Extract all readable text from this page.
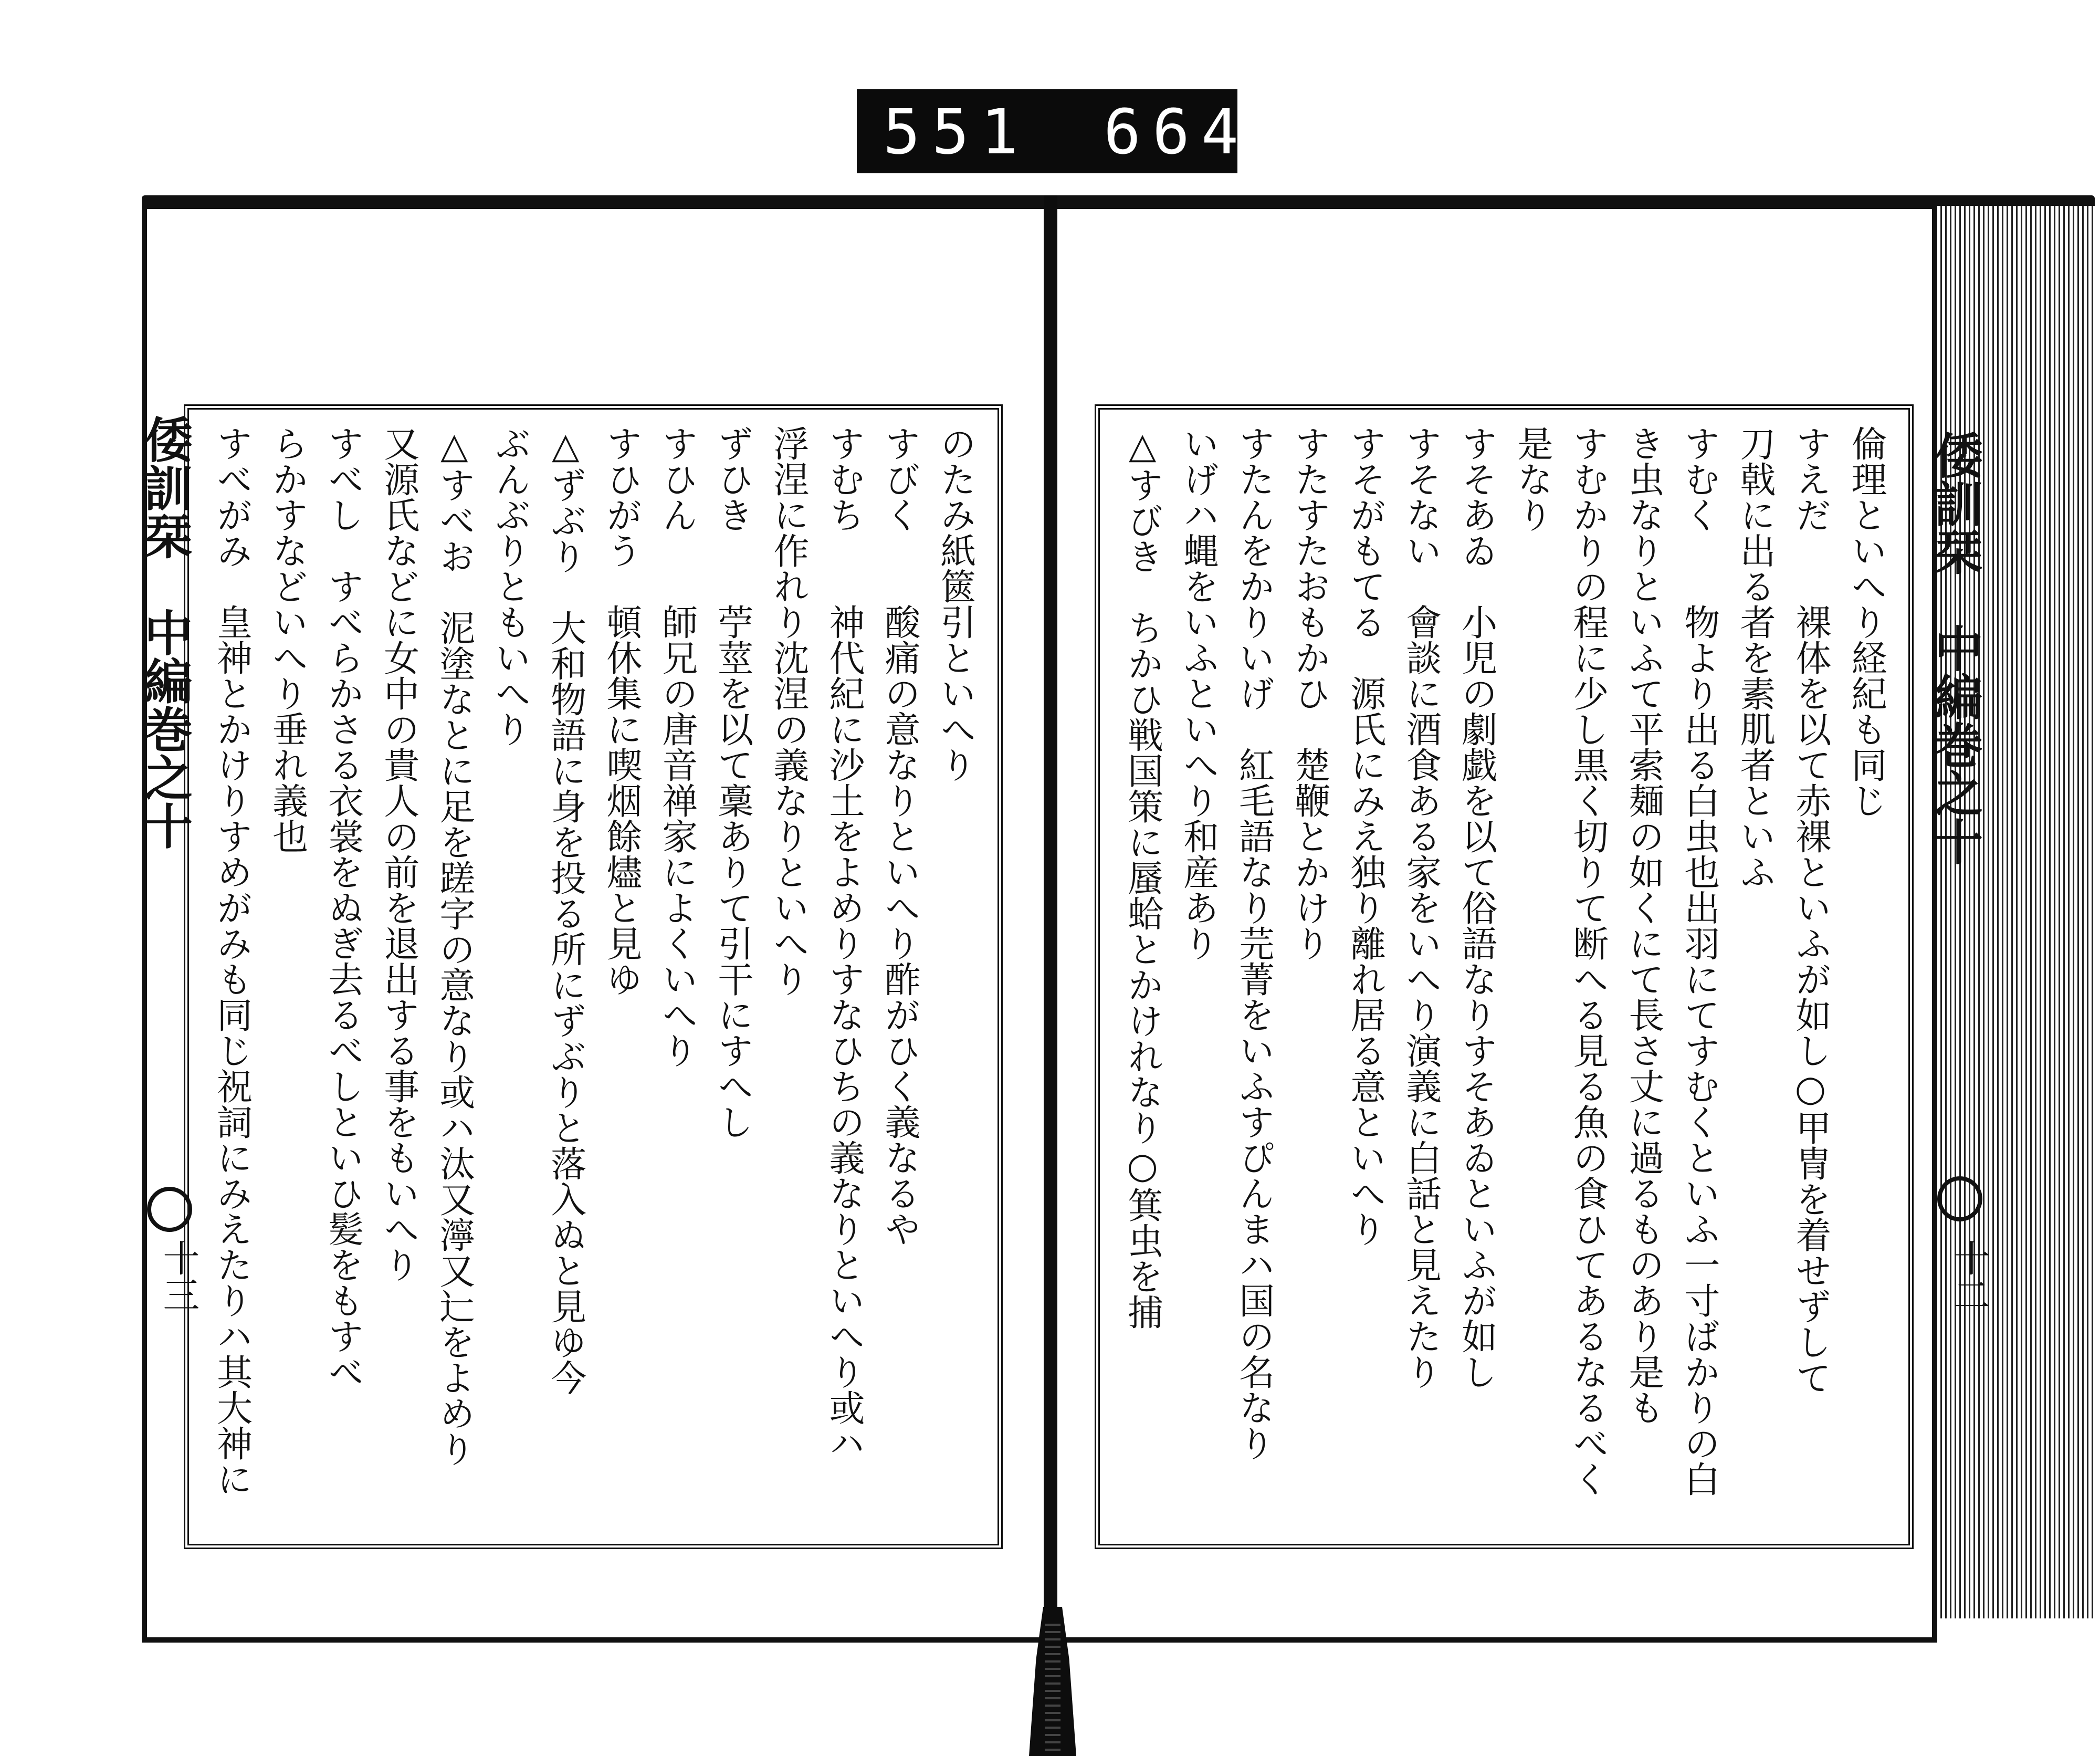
551 664.
倭訓栞　中編巻之十
十三
倭訓栞　中編巻之十
十二
のたみ紙篋引といへり
すびく　　酸痛の意なりといへり酢がひく義なるや
すむち　　神代紀に沙土をよめりすなひちの義なりといへり或ハ
浮涅に作れり沈涅の義なりといへり
ずひき　　苧莖を以て稾ありて引干にすへし
すひん　　師兄の唐音禅家によくいへり
すひがう　頓休集に喫烟餘燼と見ゆ
△ずぶり　大和物語に身を投る所にずぶりと落入ぬと見ゆ今
ぶんぶりともいへり
△すべお　泥塗なとに足を蹉字の意なり或ハ汰又濘又辷をよめり
又源氏などに女中の貴人の前を退出する事をもいへり
すべし　すべらかさる衣裳をぬぎ去るべしといひ髪をもすべ
らかすなどいへり垂れ義也
すべがみ　皇神とかけりすめがみも同じ祝詞にみえたりハ其大神に	倫理といへり経紀も同じ
すえだ　　裸体を以て赤裸といふが如し○甲冑を着せずして
刀戟に出る者を素肌者といふ
すむく　　物より出る白虫也出羽にてすむくといふ一寸ばかりの白
き虫なりといふて平索麺の如くにて長さ丈に過るものあり是も
すむかりの程に少し黒く切りて断へる見る魚の食ひてあるなるべく
是なり
すそあゐ　小児の劇戯を以て俗語なりすそあゐといふが如し
すそない　會談に酒食ある家をいへり演義に白話と見えたり
すそがもてる　源氏にみえ独り離れ居る意といへり
すたすたおもかひ　楚鞭とかけり
すたんをかりいげ　紅毛語なり芫菁をいふすぴんまハ国の名なり
いげハ蝿をいふといへり和産あり
△すびき　ちかひ戦国策に蜃蛤とかけれなり○箕虫を捕
